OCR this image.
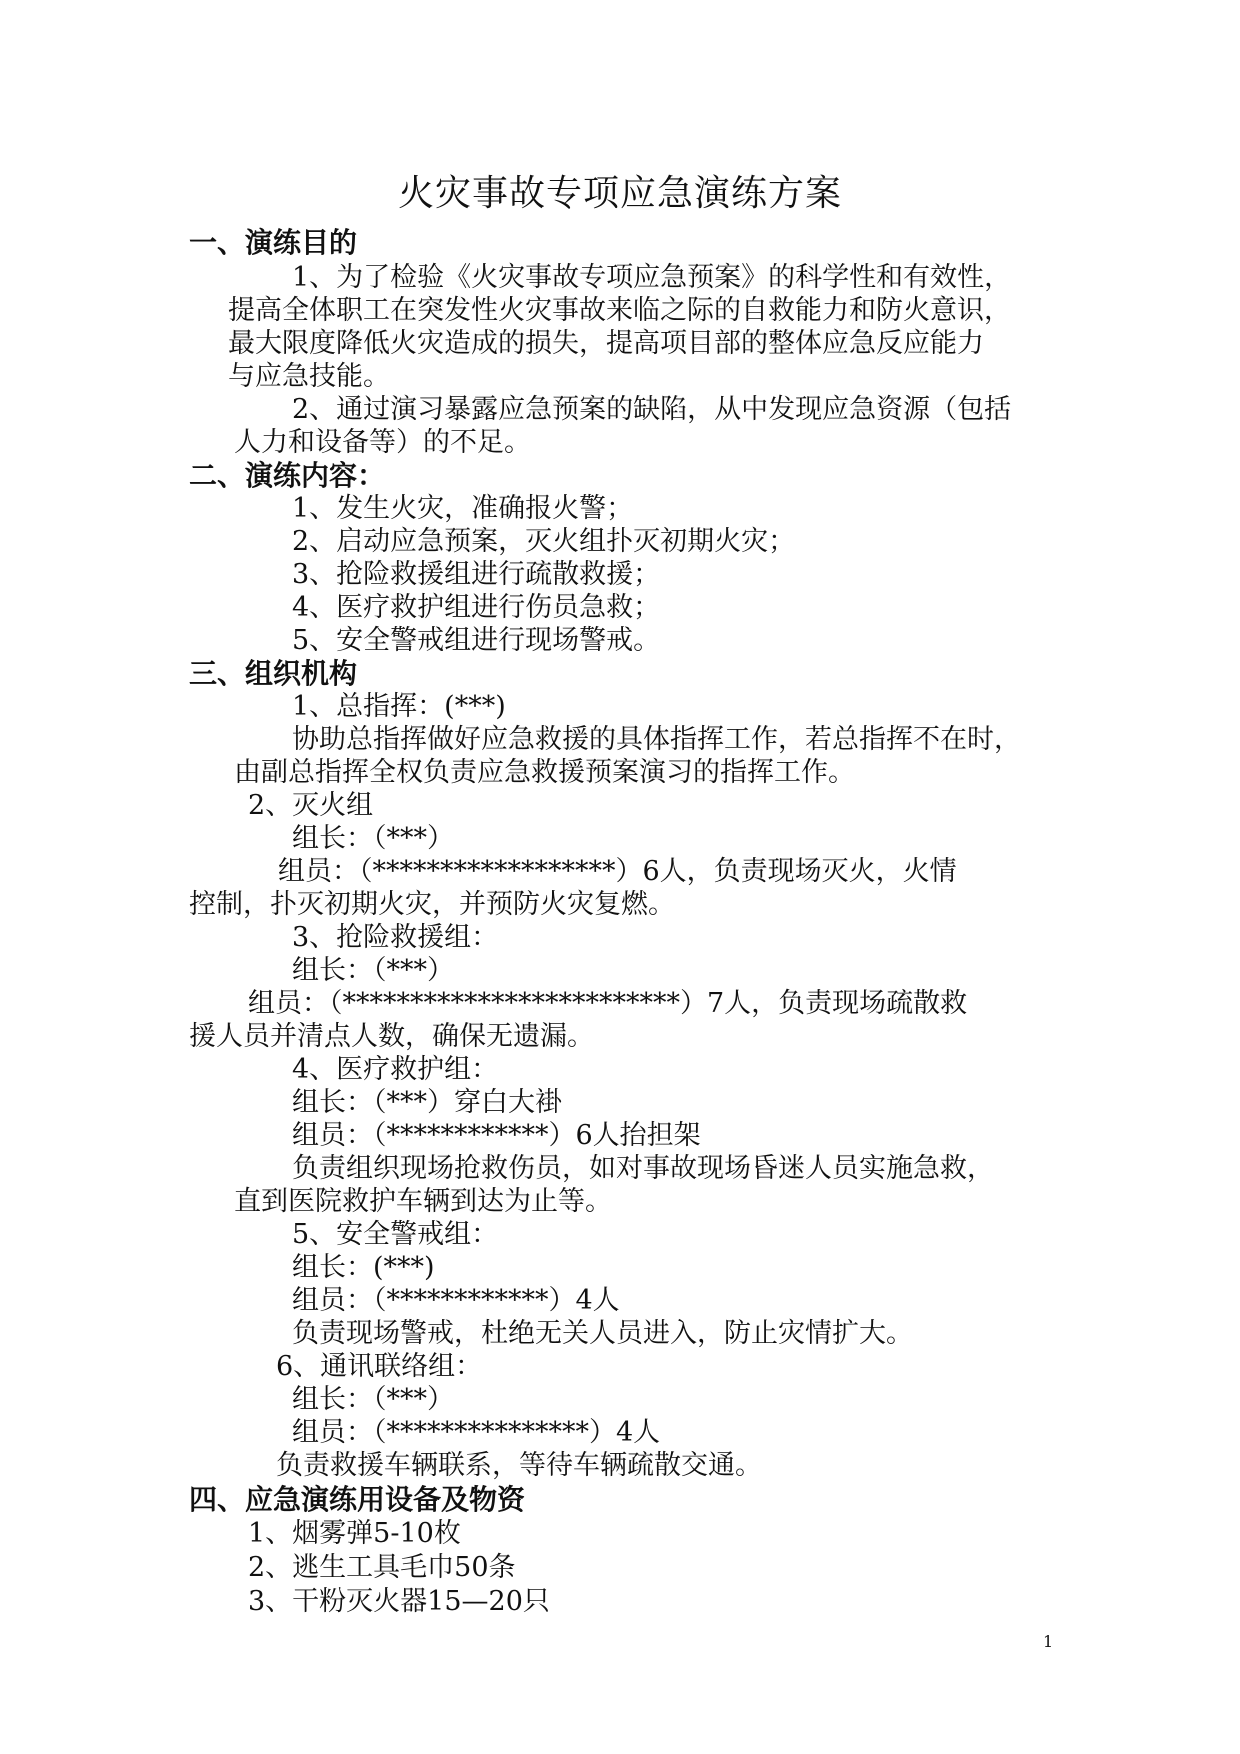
火灾事故专项应急演练方案
一、演练目的
1、为了检验《火灾事故专项应急预案》的科学性和有效性，
提高全体职工在突发性火灾事故来临之际的自救能力和防火意识，
最大限度降低火灾造成的损失，提高项目部的整体应急反应能力
与应急技能。
2、通过演习暴露应急预案的缺陷，从中发现应急资源（包括
人力和设备等）的不足。
二、演练内容：
1、发生火灾，准确报火警；
2、启动应急预案，灭火组扑灭初期火灾；
3、抢险救援组进行疏散救援；
4、医疗救护组进行伤员急救；
5、安全警戒组进行现场警戒。
三、组织机构
1、总指挥：(***)
协助总指挥做好应急救援的具体指挥工作，若总指挥不在时，
由副总指挥全权负责应急救援预案演习的指挥工作。
2、灭火组
组长：（***）
组员：（******************）6人，负责现场灭火，火情
控制，扑灭初期火灾，并预防火灾复燃。
3、抢险救援组：
组长：（***）
组员：（*************************）7人，负责现场疏散救
援人员并清点人数，确保无遗漏。
4、医疗救护组：
组长：（***）穿白大褂
组员：（************）6人抬担架
负责组织现场抢救伤员，如对事故现场昏迷人员实施急救，
直到医院救护车辆到达为止等。
5、安全警戒组：
组长：(***)
组员：（************）4人
负责现场警戒，杜绝无关人员进入，防止灾情扩大。
6、通讯联络组：
组长：（***）
组员：（***************）4人
负责救援车辆联系，等待车辆疏散交通。
四、应急演练用设备及物资
1、烟雾弹5-10枚
2、逃生工具毛巾50条
3、干粉灭火器15—20只
1
